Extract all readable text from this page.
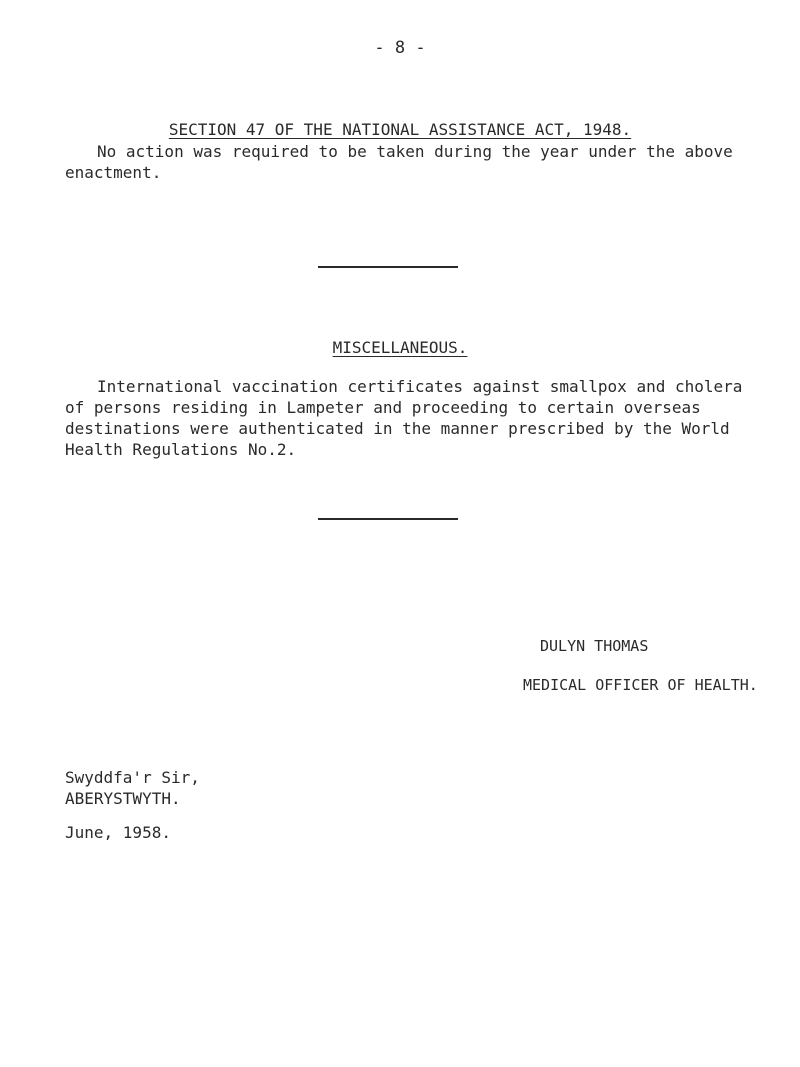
- 8 -
SECTION 47 OF THE NATIONAL ASSISTANCE ACT, 1948.
No action was required to be taken during the year under the above enactment.
MISCELLANEOUS.
International vaccination certificates against smallpox and cholera of persons residing in Lampeter and proceeding to certain overseas destinations were authenticated in the manner prescribed by the World Health Regulations No.2.
DULYN THOMAS
MEDICAL OFFICER OF HEALTH.
Swyddfa'r Sir,
ABERYSTWYTH.
June, 1958.
